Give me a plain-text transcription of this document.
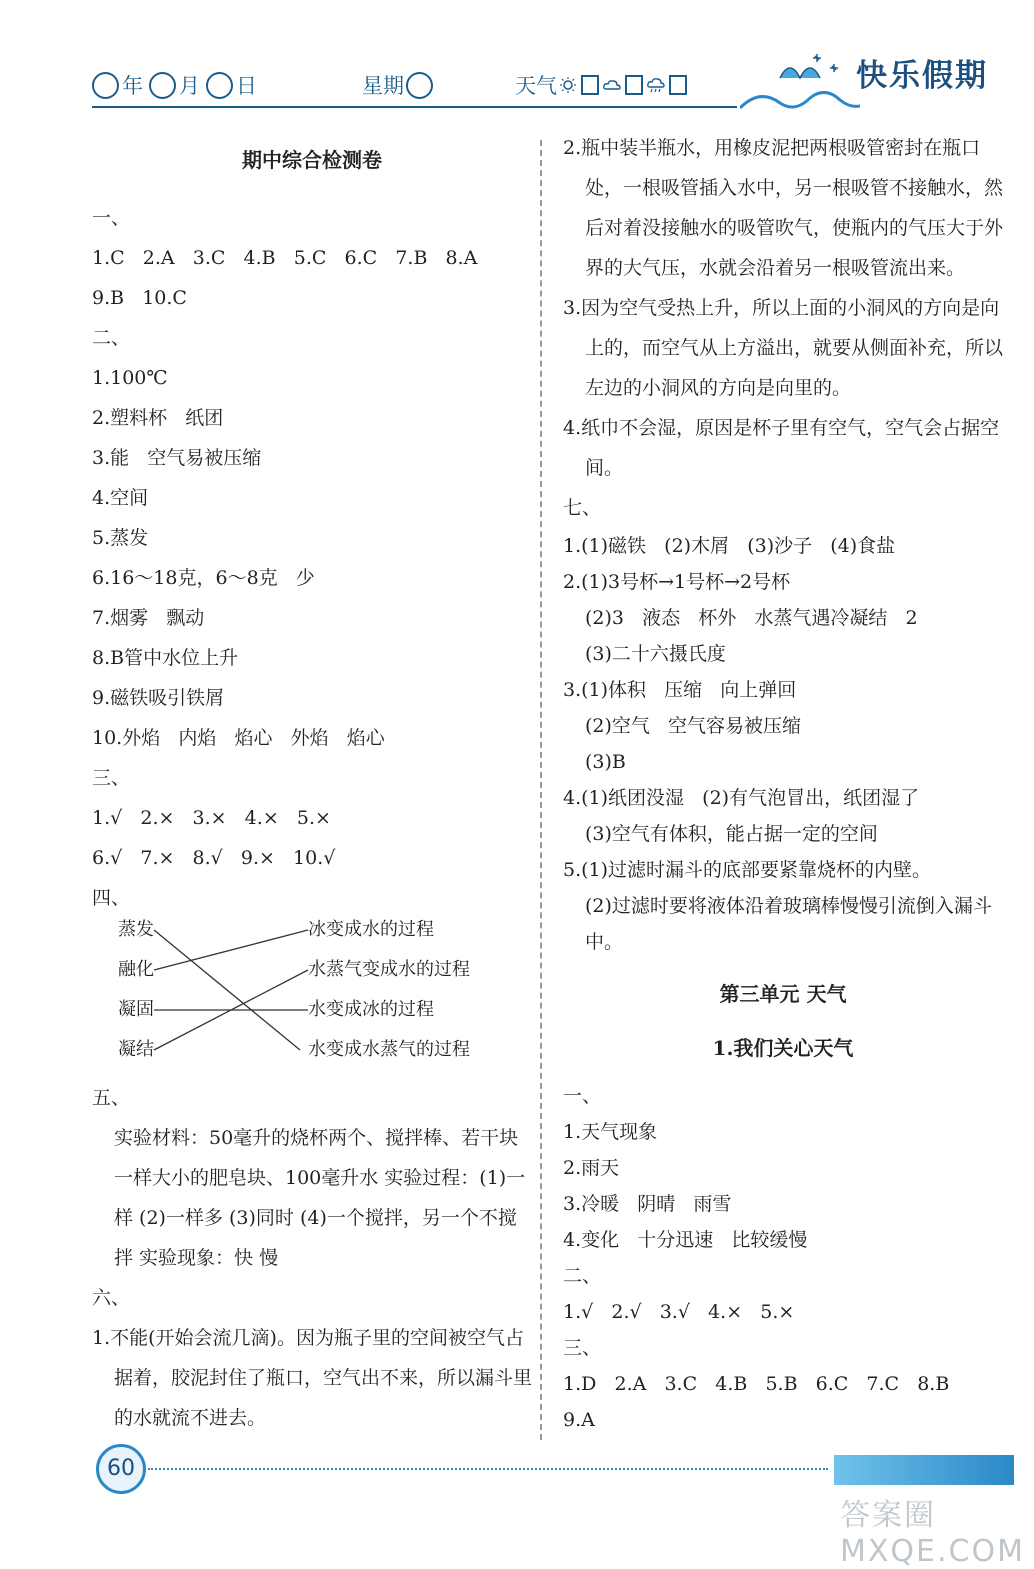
年 月 日	星期	天气	快乐假期

期中综合检测卷

一、

1.C   2.A   3.C   4.B   5.C   6.C   7.B   8.A

9.B   10.C

二、

1.100℃

2.塑料杯   纸团

3.能   空气易被压缩

4.空间

5.蒸发

6.16～18克，6～8克   少

7.烟雾   飘动

8.B管中水位上升

9.磁铁吸引铁屑

10.外焰   内焰   焰心   外焰   焰心

三、

1.√   2.×   3.×   4.×   5.×

6.√   7.×   8.√   9.×   10.√

四、

蒸发
融化
凝固
凝结
冰变成水的过程
水蒸气变成水的过程
水变成冰的过程
水变成水蒸气的过程

五、

实验材料：50毫升的烧杯两个、搅拌棒、若干块一样大小的肥皂块、100毫升水 实验过程：(1)一样 (2)一样多 (3)同时 (4)一个搅拌，另一个不搅拌 实验现象：快 慢

六、

1.不能(开始会流几滴)。因为瓶子里的空间被空气占据着，胶泥封住了瓶口，空气出不来，所以漏斗里的水就流不进去。

2.瓶中装半瓶水，用橡皮泥把两根吸管密封在瓶口处，一根吸管插入水中，另一根吸管不接触水，然后对着没接触水的吸管吹气，使瓶内的气压大于外界的大气压，水就会沿着另一根吸管流出来。

3.因为空气受热上升，所以上面的小洞风的方向是向上的，而空气从上方溢出，就要从侧面补充，所以左边的小洞风的方向是向里的。

4.纸巾不会湿，原因是杯子里有空气，空气会占据空间。

七、

1.(1)磁铁   (2)木屑   (3)沙子   (4)食盐

2.(1)3号杯→1号杯→2号杯

(2)3   液态   杯外   水蒸气遇冷凝结   2

(3)二十六摄氏度

3.(1)体积   压缩   向上弹回

(2)空气   空气容易被压缩

(3)B

4.(1)纸团没湿   (2)有气泡冒出，纸团湿了

(3)空气有体积，能占据一定的空间

5.(1)过滤时漏斗的底部要紧靠烧杯的内壁。

(2)过滤时要将液体沿着玻璃棒慢慢引流倒入漏斗中。

第三单元 天气

1.我们关心天气

一、

1.天气现象

2.雨天

3.冷暖   阴晴   雨雪

4.变化   十分迅速   比较缓慢

二、

1.√   2.√   3.√   4.×   5.×

三、

1.D   2.A   3.C   4.B   5.B   6.C   7.C   8.B

9.A

60
答案圈 MXQE.COM
